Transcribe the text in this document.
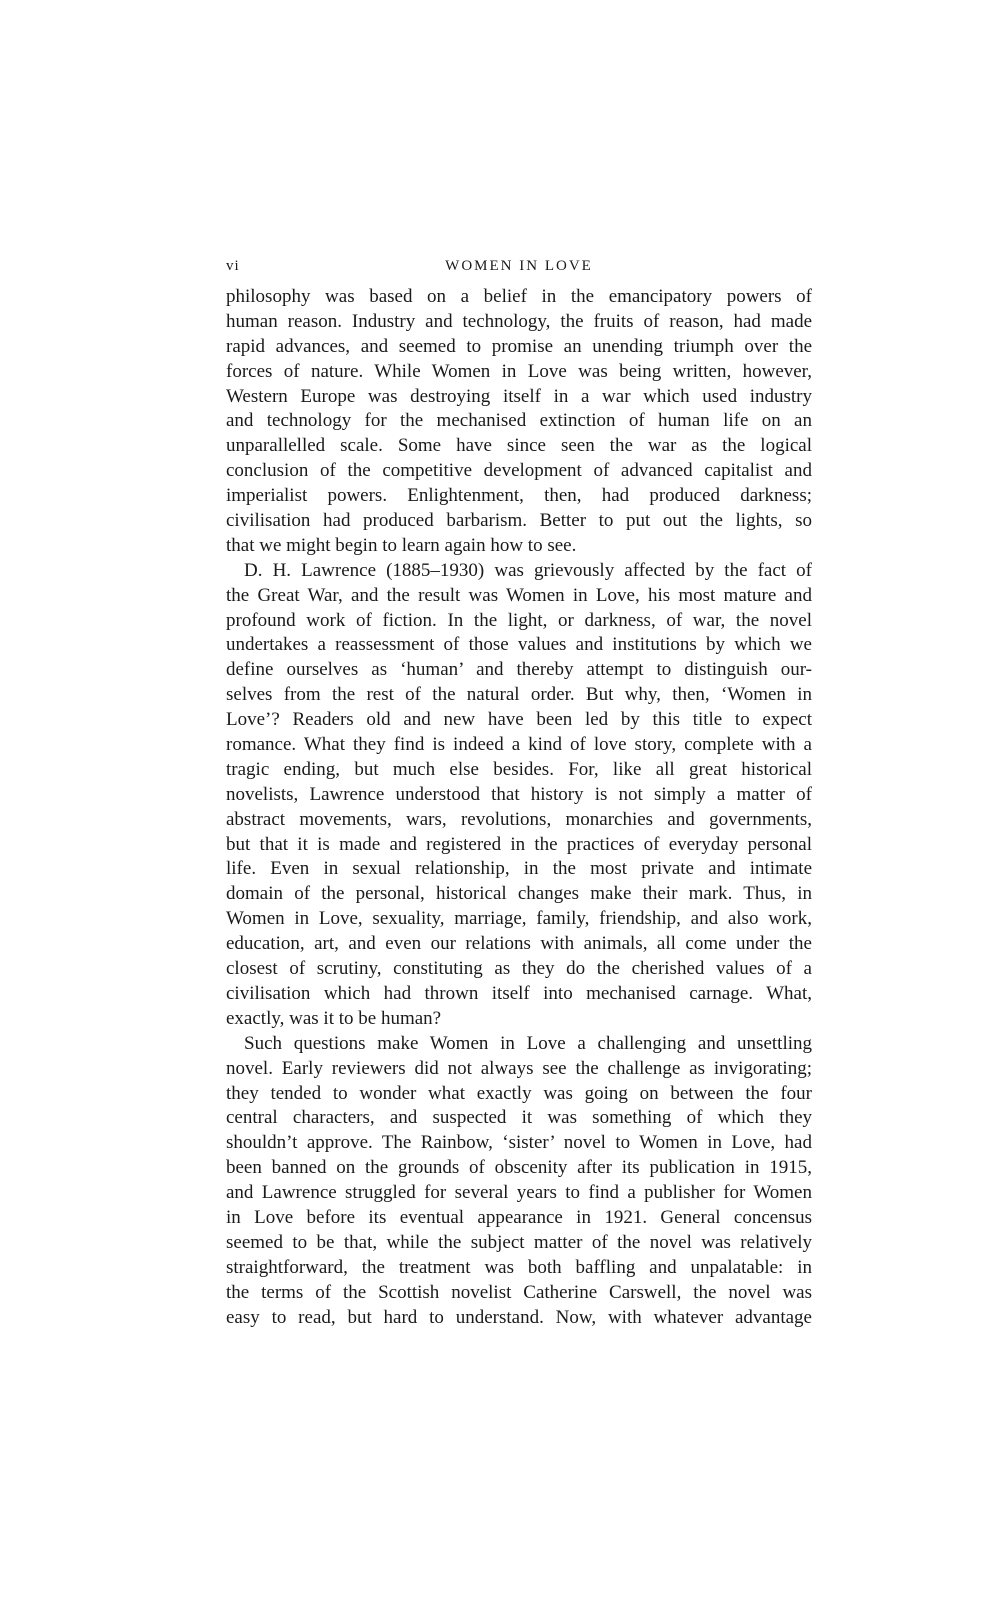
vi	WOMEN IN LOVE
philosophy was based on a belief in the emancipatory powers of
human reason. Industry and technology, the fruits of reason, had made
rapid advances, and seemed to promise an unending triumph over the
forces of nature. While Women in Love was being written, however,
Western Europe was destroying itself in a war which used industry
and technology for the mechanised extinction of human life on an
unparallelled scale. Some have since seen the war as the logical
conclusion of the competitive development of advanced capitalist and
imperialist powers. Enlightenment, then, had produced darkness;
civilisation had produced barbarism. Better to put out the lights, so
that we might begin to learn again how to see.
D. H. Lawrence (1885–1930) was grievously affected by the fact of
the Great War, and the result was Women in Love, his most mature and
profound work of fiction. In the light, or darkness, of war, the novel
undertakes a reassessment of those values and institutions by which we
define ourselves as ‘human’ and thereby attempt to distinguish our-
selves from the rest of the natural order. But why, then, ‘Women in
Love’? Readers old and new have been led by this title to expect
romance. What they find is indeed a kind of love story, complete with a
tragic ending, but much else besides. For, like all great historical
novelists, Lawrence understood that history is not simply a matter of
abstract movements, wars, revolutions, monarchies and governments,
but that it is made and registered in the practices of everyday personal
life. Even in sexual relationship, in the most private and intimate
domain of the personal, historical changes make their mark. Thus, in
Women in Love, sexuality, marriage, family, friendship, and also work,
education, art, and even our relations with animals, all come under the
closest of scrutiny, constituting as they do the cherished values of a
civilisation which had thrown itself into mechanised carnage. What,
exactly, was it to be human?
Such questions make Women in Love a challenging and unsettling
novel. Early reviewers did not always see the challenge as invigorating;
they tended to wonder what exactly was going on between the four
central characters, and suspected it was something of which they
shouldn’t approve. The Rainbow, ‘sister’ novel to Women in Love, had
been banned on the grounds of obscenity after its publication in 1915,
and Lawrence struggled for several years to find a publisher for Women
in Love before its eventual appearance in 1921. General concensus
seemed to be that, while the subject matter of the novel was relatively
straightforward, the treatment was both baffling and unpalatable: in
the terms of the Scottish novelist Catherine Carswell, the novel was
easy to read, but hard to understand. Now, with whatever advantage
